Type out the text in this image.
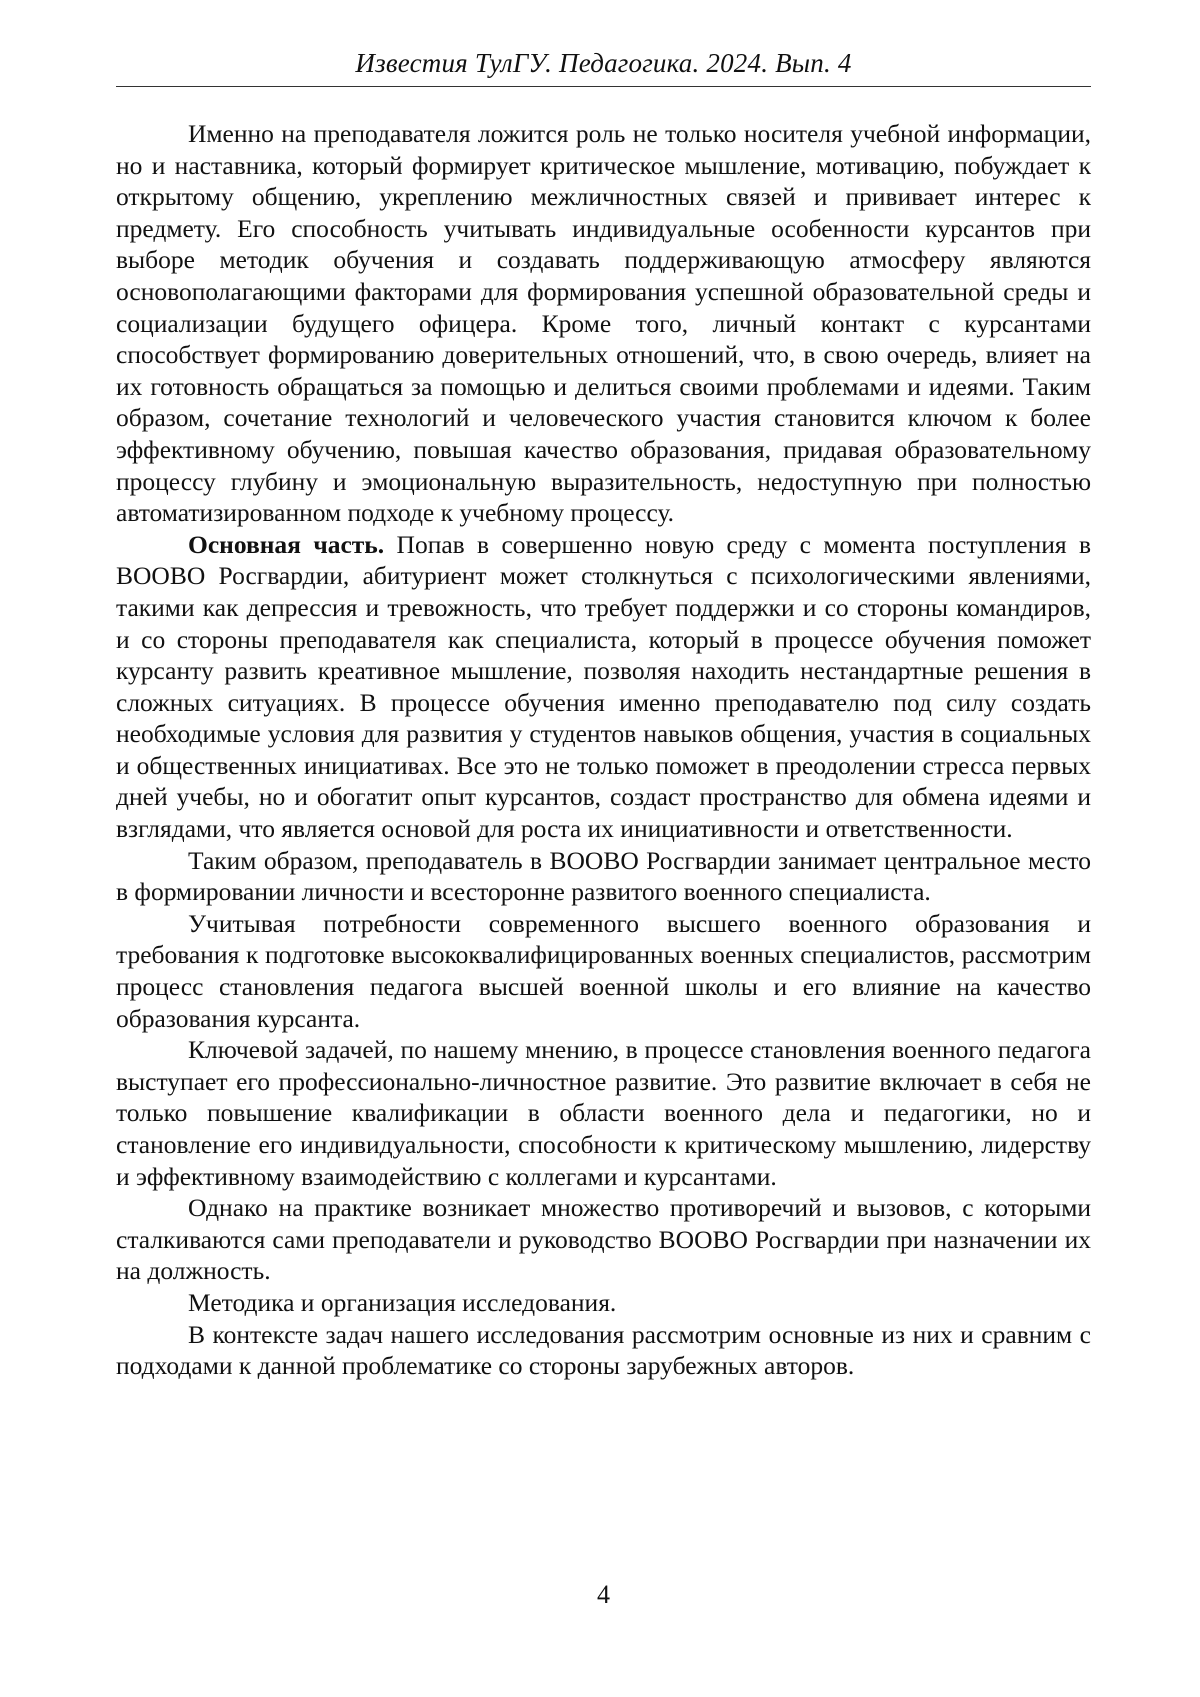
Известия ТулГУ. Педагогика. 2024. Вып. 4

Именно на преподавателя ложится роль не только носителя учебной информации, но и наставника, который формирует критическое мышление, мотивацию, побуждает к открытому общению, укреплению межличностных связей и прививает интерес к предмету. Его способность учитывать индивидуальные особенности курсантов при выборе методик обучения и создавать поддерживающую атмосферу являются основополагающими факторами для формирования успешной образовательной среды и социализации будущего офицера. Кроме того, личный контакт с курсантами способствует формированию доверительных отношений, что, в свою очередь, влияет на их готовность обращаться за помощью и делиться своими проблемами и идеями. Таким образом, сочетание технологий и человеческого участия становится ключом к более эффективному обучению, повышая качество образования, придавая образовательному процессу глубину и эмоциональную выразительность, недоступную при полностью автоматизированном подходе к учебному процессу.

Основная часть. Попав в совершенно новую среду с момента поступления в ВООВО Росгвардии, абитуриент может столкнуться с психологическими явлениями, такими как депрессия и тревожность, что требует поддержки и со стороны командиров, и со стороны преподавателя как специалиста, который в процессе обучения поможет курсанту развить креативное мышление, позволяя находить нестандартные решения в сложных ситуациях. В процессе обучения именно преподавателю под силу создать необходимые условия для развития у студентов навыков общения, участия в социальных и общественных инициативах. Все это не только поможет в преодолении стресса первых дней учебы, но и обогатит опыт курсантов, создаст пространство для обмена идеями и взглядами, что является основой для роста их инициативности и ответственности.

Таким образом, преподаватель в ВООВО Росгвардии занимает центральное место в формировании личности и всесторонне развитого военного специалиста.

Учитывая потребности современного высшего военного образования и требования к подготовке высококвалифицированных военных специалистов, рассмотрим процесс становления педагога высшей военной школы и его влияние на качество образования курсанта.

Ключевой задачей, по нашему мнению, в процессе становления военного педагога выступает его профессионально-личностное развитие. Это развитие включает в себя не только повышение квалификации в области военного дела и педагогики, но и становление его индивидуальности, способности к критическому мышлению, лидерству и эффективному взаимодействию с коллегами и курсантами.

Однако на практике возникает множество противоречий и вызовов, с которыми сталкиваются сами преподаватели и руководство ВООВО Росгвардии при назначении их на должность.

Методика и организация исследования.

В контексте задач нашего исследования рассмотрим основные из них и сравним с подходами к данной проблематике со стороны зарубежных авторов.

4
